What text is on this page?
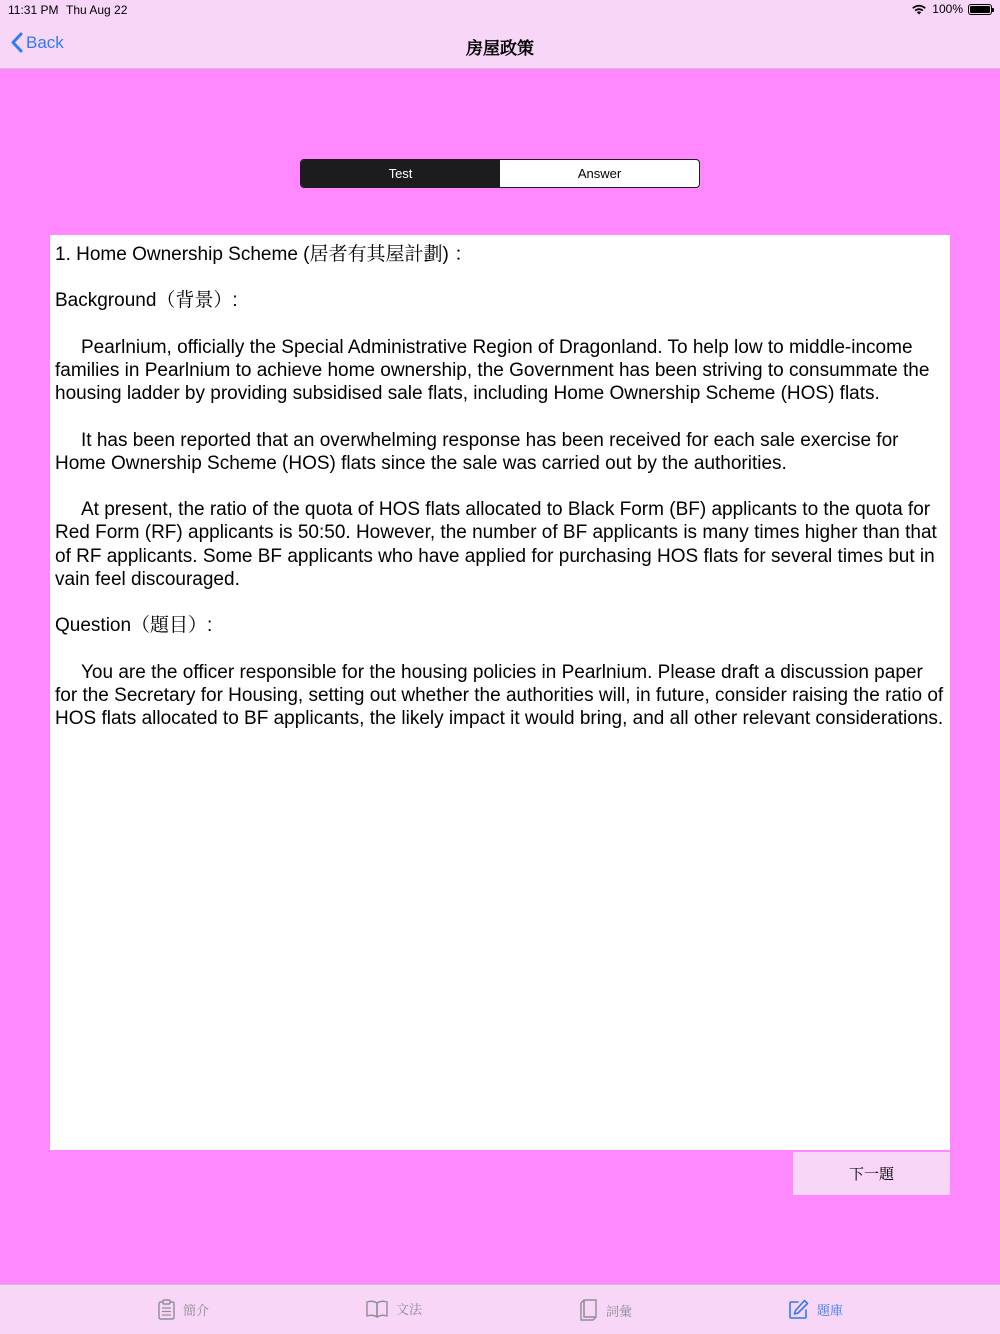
11:31 PM Thu Aug 22	100%
Back	房屋政策
Test	Answer

1. Home Ownership Scheme (居者有其屋計劃) ：

Background（背景）:

Pearlnium, officially the Special Administrative Region of Dragonland. To help low to middle-income families in Pearlnium to achieve home ownership, the Government has been striving to consummate the housing ladder by providing subsidised sale flats, including Home Ownership Scheme (HOS) flats.

It has been reported that an overwhelming response has been received for each sale exercise for Home Ownership Scheme (HOS) flats since the sale was carried out by the authorities.

At present, the ratio of the quota of HOS flats allocated to Black Form (BF) applicants to the quota for Red Form (RF) applicants is 50:50. However, the number of BF applicants is many times higher than that of RF applicants. Some BF applicants who have applied for purchasing HOS flats for several times but in vain feel discouraged.

Question（題目）:

You are the officer responsible for the housing policies in Pearlnium. Please draft a discussion paper for the Secretary for Housing, setting out whether the authorities will, in future, consider raising the ratio of HOS flats allocated to BF applicants, the likely impact it would bring, and all other relevant considerations.

下一題
簡介	文法	詞彙	題庫
